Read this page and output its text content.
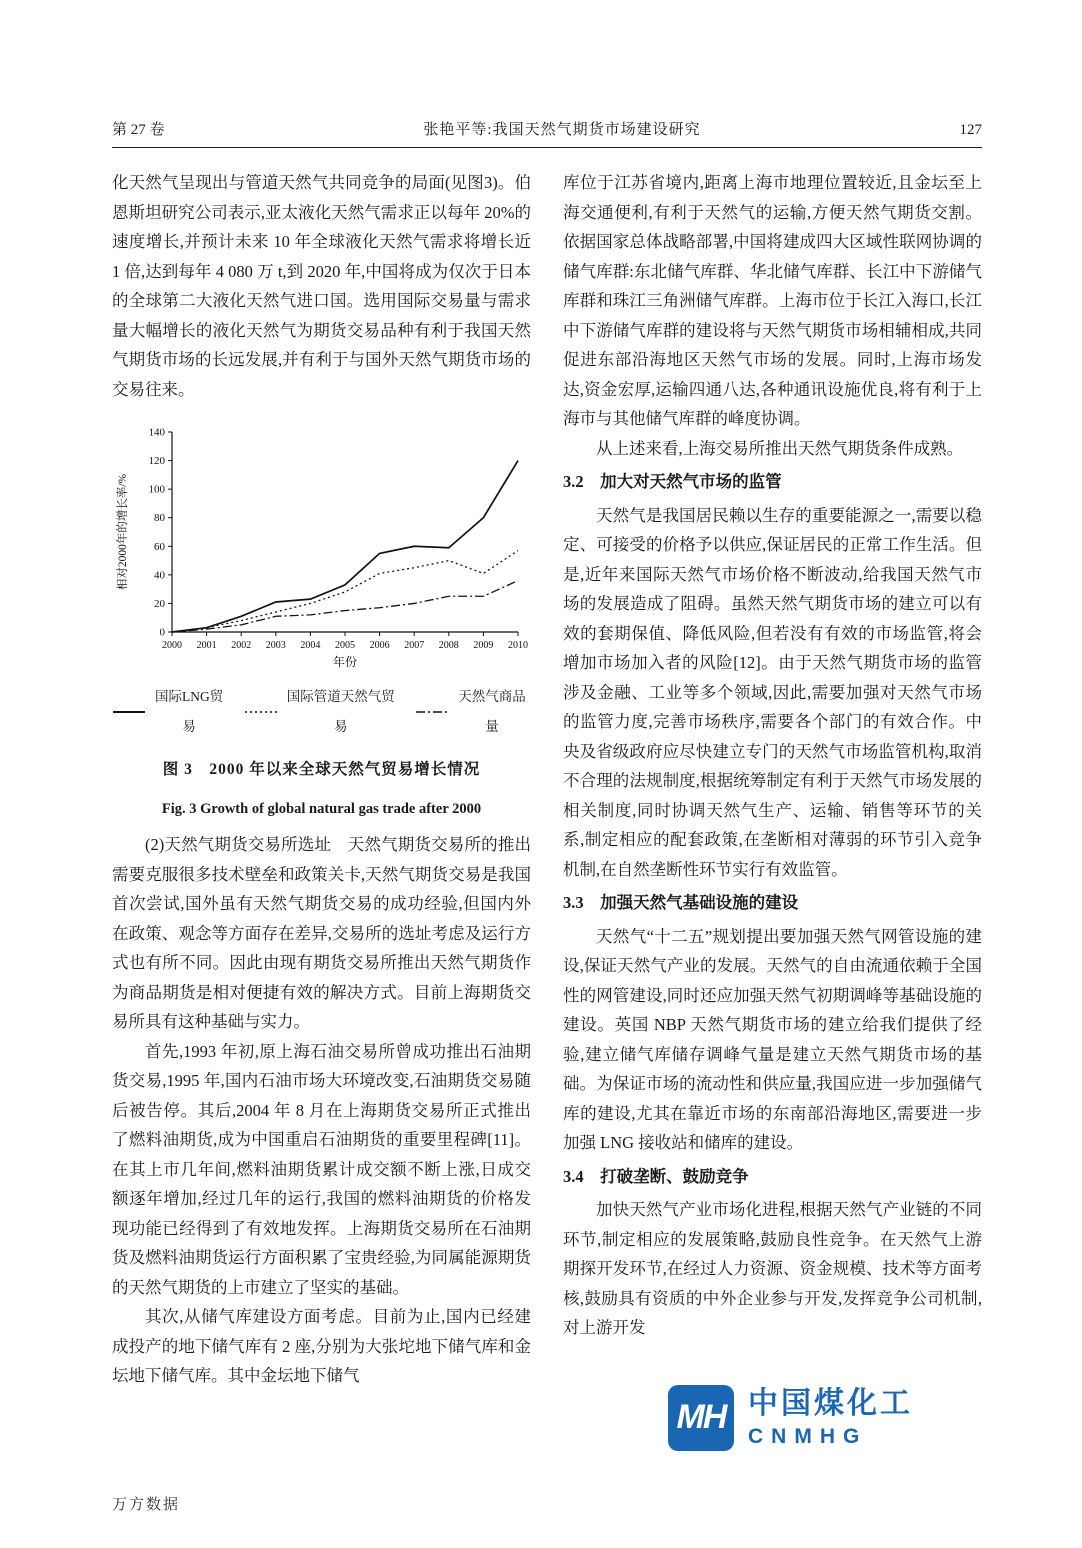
第 27 卷	张艳平等:我国天然气期货市场建设研究	127

化天然气呈现出与管道天然气共同竞争的局面(见图3)。伯恩斯坦研究公司表示,亚太液化天然气需求正以每年 20%的速度增长,并预计未来 10 年全球液化天然气需求将增长近 1 倍,达到每年 4 080 万 t,到 2020 年,中国将成为仅次于日本的全球第二大液化天然气进口国。选用国际交易量与需求量大幅增长的液化天然气为期货交易品种有利于我国天然气期货市场的长远发展,并有利于与国外天然气期货市场的交易往来。

0
20
40
60
80
100
120
140
2000 2001 2002 2003 2004 2005 2006 2007 2008 2009 2010
年份
相对2000年的增长率/%
国际LNG贸易
国际管道天然气贸易
天然气商品量
图 3　2000 年以来全球天然气贸易增长情况
Fig. 3 Growth of global natural gas trade after 2000

(2)天然气期货交易所选址　天然气期货交易所的推出需要克服很多技术壁垒和政策关卡,天然气期货交易是我国首次尝试,国外虽有天然气期货交易的成功经验,但国内外在政策、观念等方面存在差异,交易所的选址考虑及运行方式也有所不同。因此由现有期货交易所推出天然气期货作为商品期货是相对便捷有效的解决方式。目前上海期货交易所具有这种基础与实力。

首先,1993 年初,原上海石油交易所曾成功推出石油期货交易,1995 年,国内石油市场大环境改变,石油期货交易随后被告停。其后,2004 年 8 月在上海期货交易所正式推出了燃料油期货,成为中国重启石油期货的重要里程碑[11]。在其上市几年间,燃料油期货累计成交额不断上涨,日成交额逐年增加,经过几年的运行,我国的燃料油期货的价格发现功能已经得到了有效地发挥。上海期货交易所在石油期货及燃料油期货运行方面积累了宝贵经验,为同属能源期货的天然气期货的上市建立了坚实的基础。

其次,从储气库建设方面考虑。目前为止,国内已经建成投产的地下储气库有 2 座,分别为大张坨地下储气库和金坛地下储气库。其中金坛地下储气

库位于江苏省境内,距离上海市地理位置较近,且金坛至上海交通便利,有利于天然气的运输,方便天然气期货交割。依据国家总体战略部署,中国将建成四大区域性联网协调的储气库群:东北储气库群、华北储气库群、长江中下游储气库群和珠江三角洲储气库群。上海市位于长江入海口,长江中下游储气库群的建设将与天然气期货市场相辅相成,共同促进东部沿海地区天然气市场的发展。同时,上海市场发达,资金宏厚,运输四通八达,各种通讯设施优良,将有利于上海市与其他储气库群的峰度协调。

从上述来看,上海交易所推出天然气期货条件成熟。

3.2　加大对天然气市场的监管

天然气是我国居民赖以生存的重要能源之一,需要以稳定、可接受的价格予以供应,保证居民的正常工作生活。但是,近年来国际天然气市场价格不断波动,给我国天然气市场的发展造成了阻碍。虽然天然气期货市场的建立可以有效的套期保值、降低风险,但若没有有效的市场监管,将会增加市场加入者的风险[12]。由于天然气期货市场的监管涉及金融、工业等多个领域,因此,需要加强对天然气市场的监管力度,完善市场秩序,需要各个部门的有效合作。中央及省级政府应尽快建立专门的天然气市场监管机构,取消不合理的法规制度,根据统筹制定有利于天然气市场发展的相关制度,同时协调天然气生产、运输、销售等环节的关系,制定相应的配套政策,在垄断相对薄弱的环节引入竞争机制,在自然垄断性环节实行有效监管。

3.3　加强天然气基础设施的建设

天然气“十二五”规划提出要加强天然气网管设施的建设,保证天然气产业的发展。天然气的自由流通依赖于全国性的网管建设,同时还应加强天然气初期调峰等基础设施的建设。英国 NBP 天然气期货市场的建立给我们提供了经验,建立储气库储存调峰气量是建立天然气期货市场的基础。为保证市场的流动性和供应量,我国应进一步加强储气库的建设,尤其在靠近市场的东南部沿海地区,需要进一步加强 LNG 接收站和储库的建设。

3.4　打破垄断、鼓励竞争

加快天然气产业市场化进程,根据天然气产业链的不同环节,制定相应的发展策略,鼓励良性竞争。在天然气上游期探开发环节,在经过人力资源、资金规模、技术等方面考核,鼓励具有资质的中外企业参与开发,发挥竞争公司机制,对上游开发

MH 中国煤化工
CNMHG
万方数据
